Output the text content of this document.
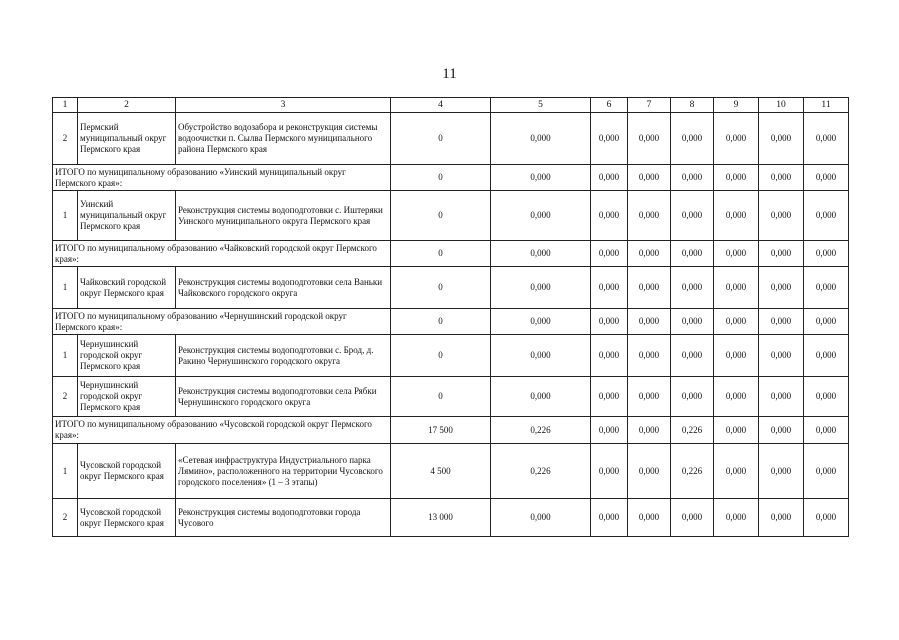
11
1	2	3	4	5	6	7	8	9	10	11
2	Пермский муниципальный округ Пермского края	Обустройство водозабора и реконструкция системы водоочистки п. Сылва Пермского муниципального района Пермского края	0	0,000	0,000	0,000	0,000	0,000	0,000	0,000
ИТОГО по муниципальному образованию «Уинский муниципальный округ Пермского края»:			0	0,000	0,000	0,000	0,000	0,000	0,000	0,000
1	Уинский муниципальный округ Пермского края	Реконструкция системы водоподготовки с. Иштеряки Уинского муниципального округа Пермского края	0	0,000	0,000	0,000	0,000	0,000	0,000	0,000
ИТОГО по муниципальному образованию «Чайковский городской округ Пермского края»:			0	0,000	0,000	0,000	0,000	0,000	0,000	0,000
1	Чайковский городской округ Пермского края	Реконструкция системы водоподготовки села Ваньки Чайковского городского округа	0	0,000	0,000	0,000	0,000	0,000	0,000	0,000
ИТОГО по муниципальному образованию «Чернушинский городской округ Пермского края»:			0	0,000	0,000	0,000	0,000	0,000	0,000	0,000
1	Чернушинский городской округ Пермского края	Реконструкция системы водоподготовки с. Брод, д. Ракино Чернушинского городского округа	0	0,000	0,000	0,000	0,000	0,000	0,000	0,000
2	Чернушинский городской округ Пермского края	Реконструкция системы водоподготовки села Рябки Чернушинского городского округа	0	0,000	0,000	0,000	0,000	0,000	0,000	0,000
ИТОГО по муниципальному образованию «Чусовской городской округ Пермского края»:			17 500	0,226	0,000	0,000	0,226	0,000	0,000	0,000
1	Чусовской городской округ Пермского края	«Сетевая инфраструктура Индустриального парка Лямино», расположенного на территории Чусовского городского поселения» (1 – 3 этапы)	4 500	0,226	0,000	0,000	0,226	0,000	0,000	0,000
2	Чусовской городской округ Пермского края	Реконструкция системы водоподготовки города Чусового	13 000	0,000	0,000	0,000	0,000	0,000	0,000	0,000
